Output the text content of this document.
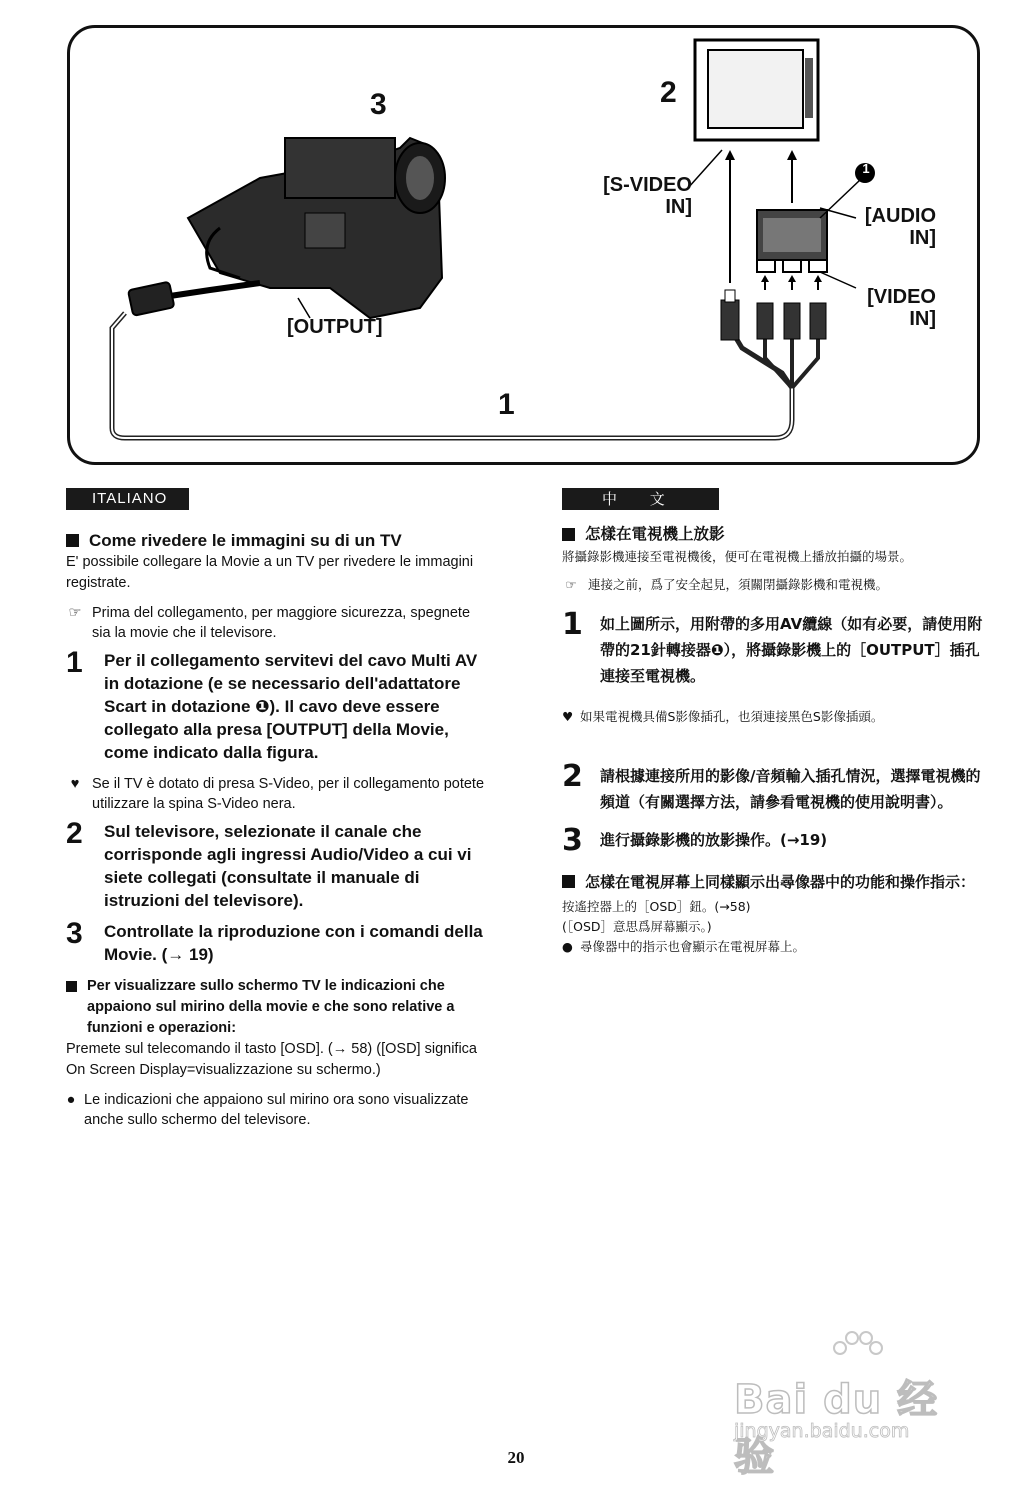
3	2
1
[OUTPUT]
[S-VIDEO
IN]	[AUDIO
IN]
[VIDEO
IN]
1
ITALIANO
Come rivedere le immagini su di un TV
E' possibile collegare la Movie a un TV per rivedere le immagini registrate.
☞ Prima del collegamento, per maggiore sicurezza, spegnete sia la movie che il televisore.
1	Per il collegamento servitevi del cavo Multi AV in dotazione (e se necessario dell'adattatore Scart in dotazione ❶). Il cavo deve essere collegato alla presa [OUTPUT] della Movie, come indicato dalla figura.
♥ Se il TV è dotato di presa S-Video, per il collegamento potete utilizzare la spina S-Video nera.
2	Sul televisore, selezionate il canale che corrisponde agli ingressi Audio/Video a cui vi siete collegati (consultate il manuale di istruzioni del televisore).
3	Controllate la riproduzione con i comandi della Movie. (→ 19)
Per visualizzare sullo schermo TV le indicazioni che appaiono sul mirino della movie e che sono relative a funzioni e operazioni:
Premete sul telecomando il tasto [OSD]. (→ 58) ([OSD] significa On Screen Display=visualizzazione su schermo.)
● Le indicazioni che appaiono sul mirino ora sono visualizzate anche sullo schermo del televisore.
中 文
怎樣在電視機上放影
將攝錄影機連接至電視機後，便可在電視機上播放拍攝的場景。
☞ 連接之前，爲了安全起見，須關閉攝錄影機和電視機。
1 如上圖所示，用附帶的多用AV纜線（如有必要，請使用附帶的21針轉接器❶），將攝錄影機上的［OUTPUT］插孔連接至電視機。
♥ 如果電視機具備S影像插孔，也須連接黑色S影像插頭。
2 請根據連接所用的影像/音頻輸入插孔情況，選擇電視機的頻道（有關選擇方法，請參看電視機的使用說明書）。
3 進行攝錄影機的放影操作。(→19)
怎樣在電視屏幕上同樣顯示出尋像器中的功能和操作指示：
按遙控器上的［OSD］鈕。(→58)
(［OSD］意思爲屏幕顯示。)
● 尋像器中的指示也會顯示在電視屏幕上。
Bai du 经验
jingyan.baidu.com
20
